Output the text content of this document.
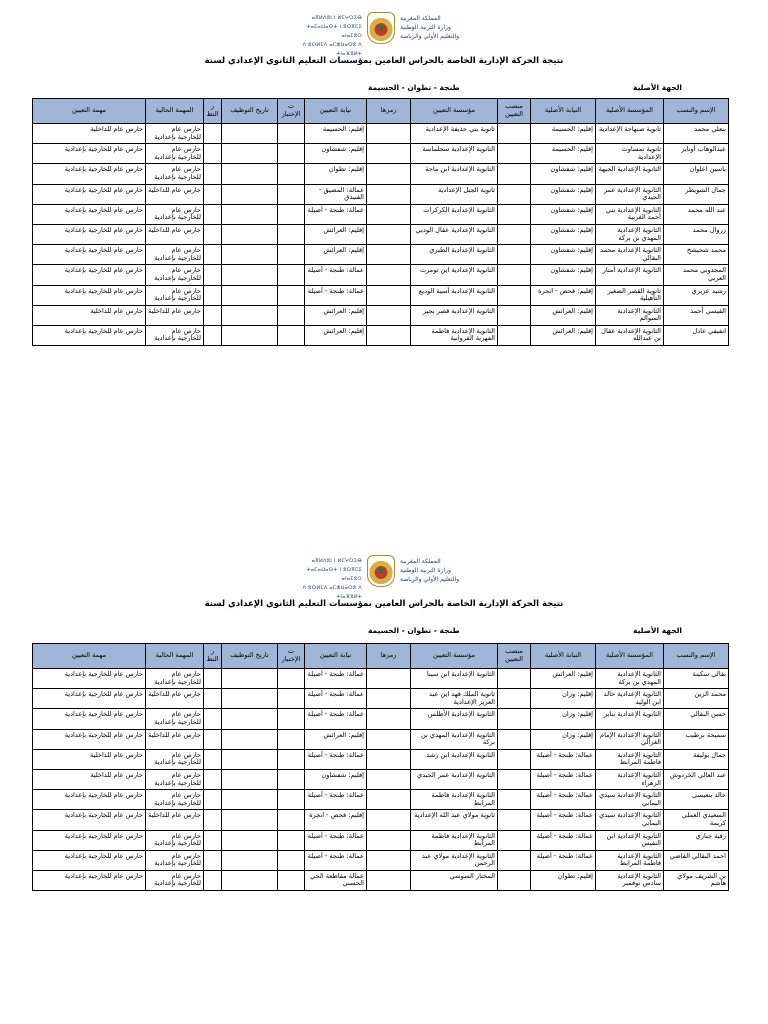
ⴰⴳⵍⴷⵓⵏ ⵏ ⵍⵎⵖⵔⵉⴱ
ⵜⴰⵎⴰⵡⴰⵙⵜ ⵏ ⵓⵙⴳⵎⵉ ⴰⵏⴰⵎⵓⵔ
ⴷ ⵓⵙⵍⵎⴷ ⴰⵎⵣⵡⴰⵔⵓ ⴷ ⵜⵏⴰⴼⵓⵍⵜ
المملكة المغربية
وزارة التربية الوطنية
والتعليم الأولي والرياضة
نتيجة الحركة الإدارية الخاصة بالحراس العامين بمؤسسات التعليم الثانوي الإعدادي لسنة
الجهة الأصلية
طنجة - تطوان - الحسيمة
الإسم والنسب	المؤسسة الأصلية	النيابة الأصلية	منصب التعيين	مؤسسة التعيين	رمزها	نيابة التعيين	ت الإختبار	تاريخ التوظيف	ر النظ	المهمة الحالية	مهمة التعيين
بنعلي محمد	ثانوية صنهاجة الإعدادية	إقليم: الحسيمة		ثانوية بني حذيفة الإعدادية		إقليم: الحسيمة				حارس عام للخارجية بإعدادية	حارس عام للداخلية
عبدالوهاب أونايز	ثانوية تمساوت الإعدادية	إقليم: الحسيمة		الثانوية الإعدادية سجلماسة		إقليم: شفشاون				حارس عام للخارجية بإعدادية	حارس عام للخارجية بإعدادية
ياسين اعلوان	الثانوية الإعدادية الجبهة	إقليم: شفشاون		الثانوية الإعدادية ابن ماجة		إقليم: تطوان				حارس عام للخارجية بإعدادية	حارس عام للخارجية بإعدادية
جمال الشويطر	الثانوية الإعدادية عمر الجيدي	إقليم: شفشاون		ثانوية الجبل الإعدادية		عمالة: المضيق - الفنيدق				حارس عام للداخلية	حارس عام للخارجية بإعدادية
عبد الله محمد	الثانوية الإعدادية بني أحمد الغربية	إقليم: شفشاون		الثانوية الإعدادية الكركرات		عمالة: طنجة - أصيلة				حارس عام للخارجية بإعدادية	حارس عام للخارجية بإعدادية
زروال محمد	الثانوية الإعدادية المهدي بن بركة	إقليم: شفشاون		الثانوية الإعدادية عقال الوديي		إقليم: العرائش				حارس عام للداخلية	حارس عام للخارجية بإعدادية
محمد شخيشخ	الثانوية الإعدادية محمد البقالي	إقليم: شفشاون		الثانوية الإعدادية الطبري		إقليم: العرائش				حارس عام للخارجية بإعدادية	حارس عام للخارجية بإعدادية
المجدوبي محمد العربي	الثانوية الإعدادية أمتار	إقليم: شفشاون		الثانوية الإعدادية ابن تومرت		عمالة: طنجة - أصيلة				حارس عام للخارجية بإعدادية	حارس عام للخارجية بإعدادية
رشيد عزيزي	ثانوية القصر الصغير التأهيلية	إقليم: فحص - انجرة		الثانوية الإعدادية أسية الوديع		عمالة: طنجة - أصيلة				حارس عام للخارجية بإعدادية	حارس عام للخارجية بإعدادية
القيسي أحمد	الثانوية الإعدادية السوالم	إقليم: العرائش		الثانوية الإعدادية قصر بجير		إقليم: العرائش				حارس عام للداخلية	حارس عام للداخلية
انفيفي عادل	الثانوية الإعدادية عقال بن عبدالله	إقليم: العرائش		الثانوية الإعدادية فاطمة الفهرية القروانية		إقليم: العرائش				حارس عام للخارجية بإعدادية	حارس عام للخارجية بإعدادية
ⴰⴳⵍⴷⵓⵏ ⵏ ⵍⵎⵖⵔⵉⴱ
ⵜⴰⵎⴰⵡⴰⵙⵜ ⵏ ⵓⵙⴳⵎⵉ ⴰⵏⴰⵎⵓⵔ
ⴷ ⵓⵙⵍⵎⴷ ⴰⵎⵣⵡⴰⵔⵓ ⴷ ⵜⵏⴰⴼⵓⵍⵜ
المملكة المغربية
وزارة التربية الوطنية
والتعليم الأولي والرياضة
نتيجة الحركة الإدارية الخاصة بالحراس العامين بمؤسسات التعليم الثانوي الإعدادي لسنة
الجهة الأصلية
طنجة - تطوان - الحسيمة
الإسم والنسب	المؤسسة الأصلية	النيابة الأصلية	منصب التعيين	مؤسسة التعيين	رمزها	نيابة التعيين	ت الإختبار	تاريخ التوظيف	ر النظ	المهمة الحالية	مهمة التعيين
بقالي سكينة	الثانوية الإعدادية المهدي بن بركة	إقليم: العرائش		الثانوية الإعدادية ابن سينا		عمالة: طنجة - أصيلة				حارس عام للخارجية بإعدادية	حارس عام للخارجية بإعدادية
محمد الزين	الثانوية الإعدادية خالد ابن الوليد	إقليم: وزان		ثانوية الملك فهد ابن عبد العزيز الإعدادية		عمالة: طنجة - أصيلة				حارس عام للداخلية	حارس عام للخارجية بإعدادية
حسن البقالي	الثانوية الإعدادية بنابر	إقليم: وزان		الثانوية الإعدادية الأطلس		عمالة: طنجة - أصيلة				حارس عام للخارجية بإعدادية	حارس عام للخارجية بإعدادية
سميحة برطيب	الثانوية الإعدادية الإمام الغزالي	إقليم: وزان		الثانوية الإعدادية المهدي بن بركة		إقليم: العرائش				حارس عام للداخلية	حارس عام للخارجية بإعدادية
جمال بوليفة	الثانوية الإعدادية فاطمة المرابط	عمالة: طنجة - أصيلة		الثانوية الإعدادية ابن رشد		عمالة: طنجة - أصيلة				حارس عام للخارجية بإعدادية	حارس عام للداخلية
عبد العالي الخردوش	الثانوية الإعدادية الزهراء	عمالة: طنجة - أصيلة		الثانوية الإعدادية عمر الجيدي		إقليم: شفشاون				حارس عام للخارجية بإعدادية	حارس عام للداخلية
خالد بنعيسى	الثانوية الإعدادية سيدي اليماني	عمالة: طنجة - أصيلة		الثانوية الإعدادية فاطمة المرابط		عمالة: طنجة - أصيلة				حارس عام للخارجية بإعدادية	حارس عام للخارجية بإعدادية
السعيدي العملي كريمة	الثانوية الإعدادية سيدي اليماني	عمالة: طنجة - أصيلة		ثانوية مولاي عبد الله الإعدادية		إقليم: فحص - انجرة				حارس عام للداخلية	حارس عام للخارجية بإعدادية
رقية جباري	الثانوية الإعدادية ابن النفيس	عمالة: طنجة - أصيلة		الثانوية الإعدادية فاطمة المرابط		عمالة: طنجة - أصيلة				حارس عام للخارجية بإعدادية	حارس عام للخارجية بإعدادية
احمد البقالي القاضي	الثانوية الإعدادية فاطمة المرابط	عمالة: طنجة - أصيلة		الثانوية الإعدادية مولاي عبد الرحمن		عمالة: طنجة - أصيلة				حارس عام للخارجية بإعدادية	حارس عام للخارجية بإعدادية
بن الشريف مولاي هاشم	الثانوية الإعدادية سادس نوفمبر	إقليم: تطوان		المختار السوسي		عمالة مقاطعة الحي الحسني				حارس عام للخارجية بإعدادية	حارس عام للخارجية بإعدادية
